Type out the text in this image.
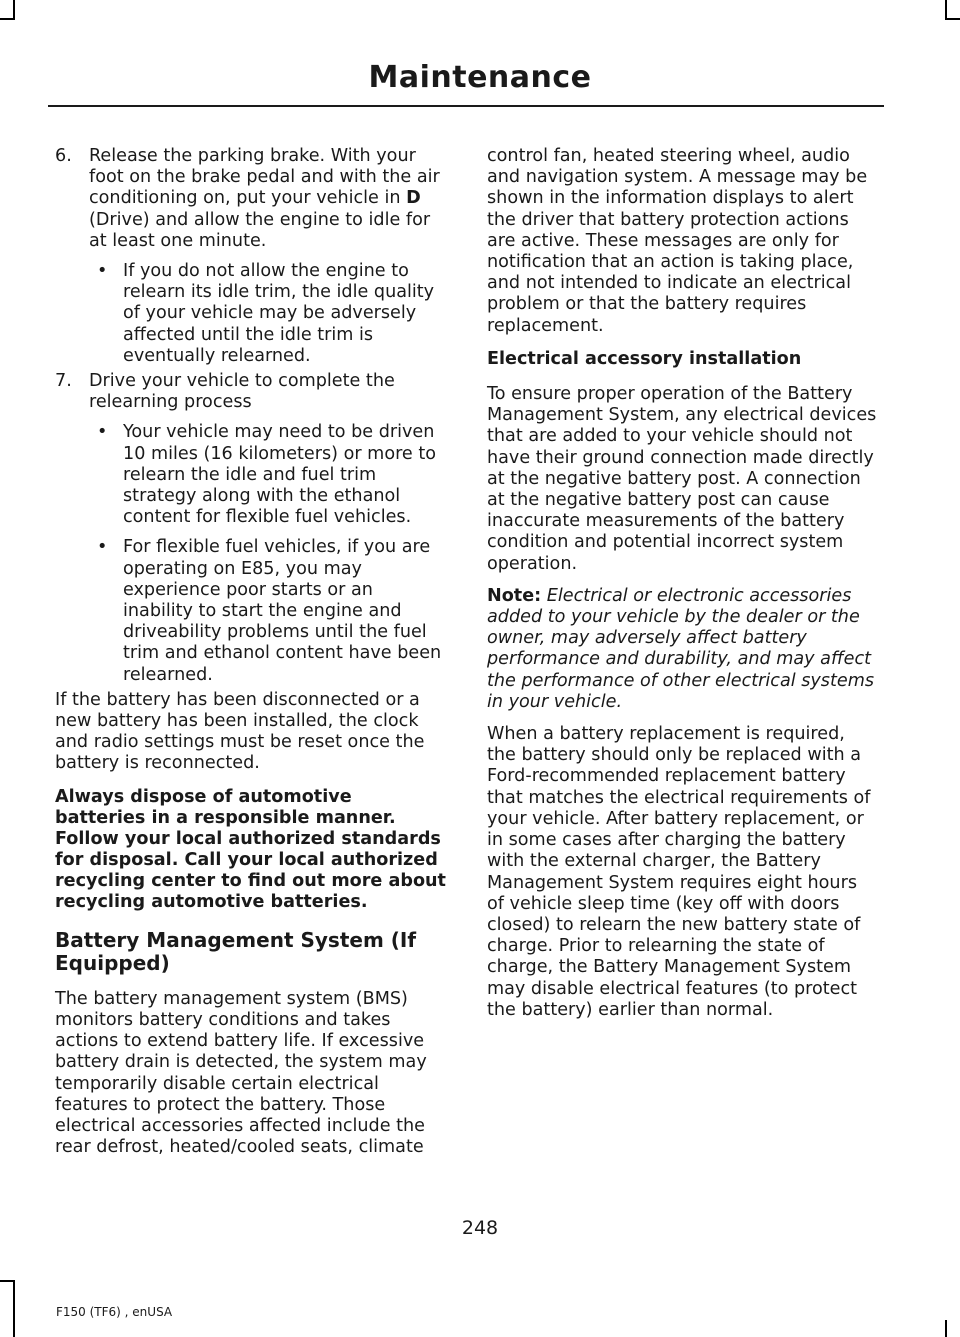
Maintenance
6. Release the parking brake. With your foot on the brake pedal and with the air conditioning on, put your vehicle in D (Drive) and allow the engine to idle for at least one minute.
• If you do not allow the engine to relearn its idle trim, the idle quality of your vehicle may be adversely affected until the idle trim is eventually relearned.
7. Drive your vehicle to complete the relearning process
• Your vehicle may need to be driven 10 miles (16 kilometers) or more to relearn the idle and fuel trim strategy along with the ethanol content for flexible fuel vehicles.
• For flexible fuel vehicles, if you are operating on E85, you may experience poor starts or an inability to start the engine and driveability problems until the fuel trim and ethanol content have been relearned.

If the battery has been disconnected or a new battery has been installed, the clock and radio settings must be reset once the battery is reconnected.

Always dispose of automotive batteries in a responsible manner. Follow your local authorized standards for disposal. Call your local authorized recycling center to find out more about recycling automotive batteries.

Battery Management System (If Equipped)

The battery management system (BMS) monitors battery conditions and takes actions to extend battery life. If excessive battery drain is detected, the system may temporarily disable certain electrical features to protect the battery. Those electrical accessories affected include the rear defrost, heated/cooled seats, climate

control fan, heated steering wheel, audio and navigation system. A message may be shown in the information displays to alert the driver that battery protection actions are active. These messages are only for notification that an action is taking place, and not intended to indicate an electrical problem or that the battery requires replacement.

Electrical accessory installation

To ensure proper operation of the Battery Management System, any electrical devices that are added to your vehicle should not have their ground connection made directly at the negative battery post. A connection at the negative battery post can cause inaccurate measurements of the battery condition and potential incorrect system operation.

Note: Electrical or electronic accessories added to your vehicle by the dealer or the owner, may adversely affect battery performance and durability, and may affect the performance of other electrical systems in your vehicle.

When a battery replacement is required, the battery should only be replaced with a Ford-recommended replacement battery that matches the electrical requirements of your vehicle. After battery replacement, or in some cases after charging the battery with the external charger, the Battery Management System requires eight hours of vehicle sleep time (key off with doors closed) to relearn the new battery state of charge. Prior to relearning the state of charge, the Battery Management System may disable electrical features (to protect the battery) earlier than normal.

248
F150 (TF6) , enUSA
